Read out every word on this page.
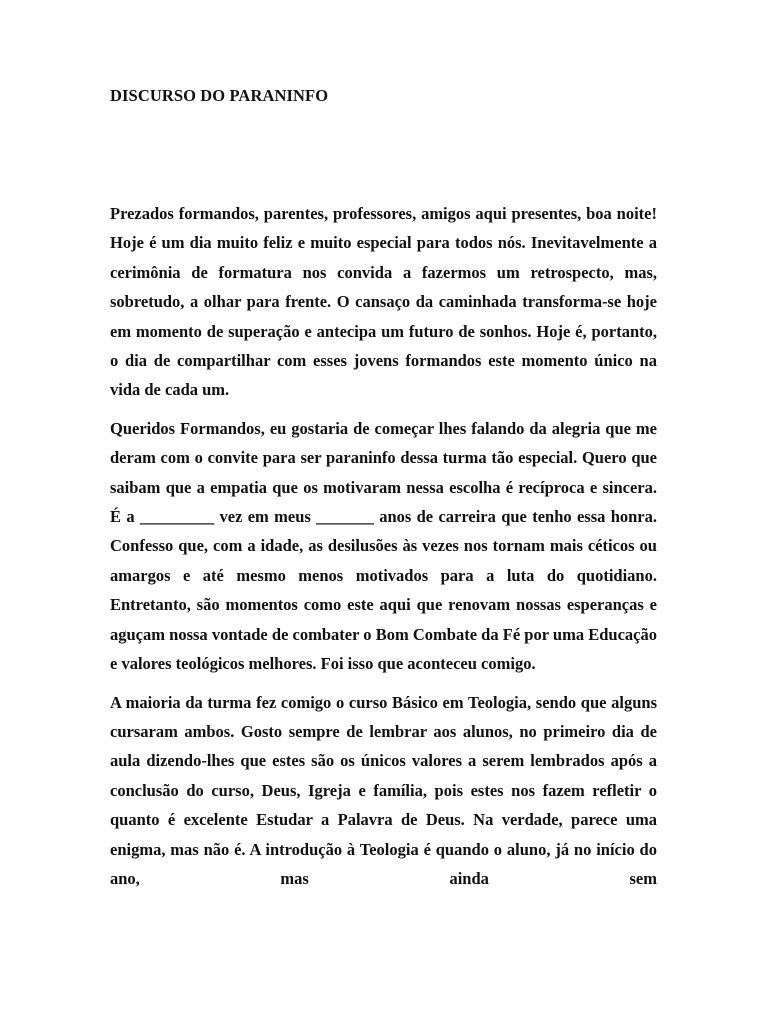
DISCURSO DO PARANINFO

Prezados formandos, parentes, professores, amigos aqui presentes, boa noite! Hoje é um dia muito feliz e muito especial para todos nós. Inevitavelmente a cerimônia de formatura nos convida a fazermos um retrospecto, mas, sobretudo, a olhar para frente. O cansaço da caminhada transforma-se hoje em momento de superação e antecipa um futuro de sonhos. Hoje é, portanto, o dia de compartilhar com esses jovens formandos este momento único na vida de cada um.

Queridos Formandos, eu gostaria de começar lhes falando da alegria que me deram com o convite para ser paraninfo dessa turma tão especial. Quero que saibam que a empatia que os motivaram nessa escolha é recíproca e sincera. É a _________ vez em meus _______ anos de carreira que tenho essa honra. Confesso que, com a idade, as desilusões às vezes nos tornam mais céticos ou amargos e até mesmo menos motivados para a luta do quotidiano. Entretanto, são momentos como este aqui que renovam nossas esperanças e aguçam nossa vontade de combater o Bom Combate da Fé por uma Educação e valores teológicos melhores. Foi isso que aconteceu comigo.

A maioria da turma fez comigo o curso Básico em Teologia, sendo que alguns cursaram ambos. Gosto sempre de lembrar aos alunos, no primeiro dia de aula dizendo-lhes que estes são os únicos valores a serem lembrados após a conclusão do curso, Deus, Igreja e família, pois estes nos fazem refletir o quanto é excelente Estudar a Palavra de Deus. Na verdade, parece uma enigma, mas não é. A introdução à Teologia é quando o aluno, já no início do ano, mas ainda sem
